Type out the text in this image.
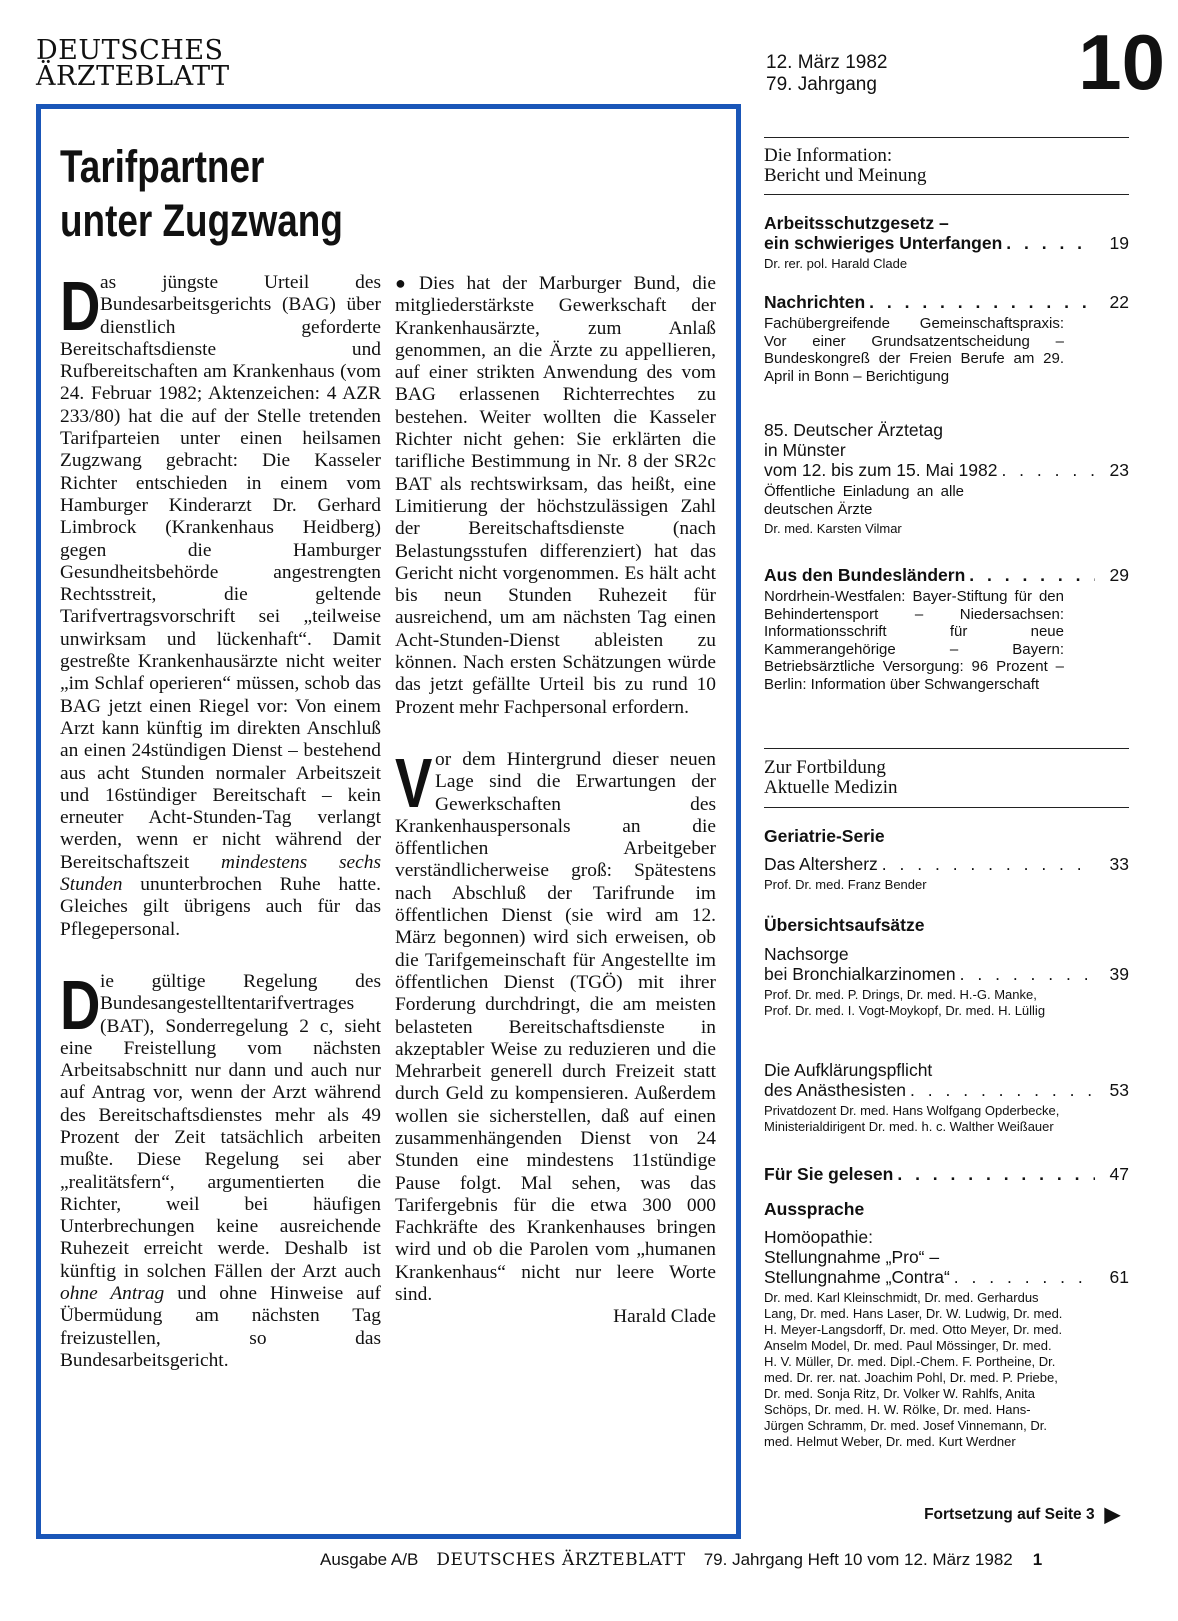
DEUTSCHES
ÄRZTEBLATT	12. März 1982
79. Jahrgang	10
Tarifpartner
unter Zugzwang

Das jüngste Urteil des Bundesarbeitsgerichts (BAG) über dienstlich geforderte Bereitschaftsdienste und Rufbereitschaften am Krankenhaus (vom 24. Februar 1982; Aktenzeichen: 4 AZR 233/80) hat die auf der Stelle tretenden Tarifparteien unter einen heilsamen Zugzwang gebracht: Die Kasseler Richter entschieden in einem vom Hamburger Kinderarzt Dr. Gerhard Limbrock (Krankenhaus Heidberg) gegen die Hamburger Gesundheitsbehörde angestrengten Rechtsstreit, die geltende Tarifvertragsvorschrift sei „teilweise unwirksam und lückenhaft“. Damit gestreßte Krankenhausärzte nicht weiter „im Schlaf operieren“ müssen, schob das BAG jetzt einen Riegel vor: Von einem Arzt kann künftig im direkten Anschluß an einen 24stündigen Dienst – bestehend aus acht Stunden normaler Arbeitszeit und 16stündiger Bereitschaft – kein erneuter Acht-Stunden-Tag verlangt werden, wenn er nicht während der Bereitschaftszeit mindestens sechs Stunden ununterbrochen Ruhe hatte. Gleiches gilt übrigens auch für das Pflegepersonal.

Die gültige Regelung des Bundesangestelltentarifvertrages (BAT), Sonderregelung 2 c, sieht eine Freistellung vom nächsten Arbeitsabschnitt nur dann und auch nur auf Antrag vor, wenn der Arzt während des Bereitschaftsdienstes mehr als 49 Prozent der Zeit tatsächlich arbeiten mußte. Diese Regelung sei aber „realitätsfern“, argumentierten die Richter, weil bei häufigen Unterbrechungen keine ausreichende Ruhezeit erreicht werde. Deshalb ist künftig in solchen Fällen der Arzt auch ohne Antrag und ohne Hinweise auf Übermüdung am nächsten Tag freizustellen, so das Bundesarbeitsgericht.

● Dies hat der Marburger Bund, die mitgliederstärkste Gewerkschaft der Krankenhausärzte, zum Anlaß genommen, an die Ärzte zu appellieren, auf einer strikten Anwendung des vom BAG erlassenen Richterrechtes zu bestehen. Weiter wollten die Kasseler Richter nicht gehen: Sie erklärten die tarifliche Bestimmung in Nr. 8 der SR2c BAT als rechtswirksam, das heißt, eine Limitierung der höchstzulässigen Zahl der Bereitschaftsdienste (nach Belastungsstufen differenziert) hat das Gericht nicht vorgenommen. Es hält acht bis neun Stunden Ruhezeit für ausreichend, um am nächsten Tag einen Acht-Stunden-Dienst ableisten zu können. Nach ersten Schätzungen würde das jetzt gefällte Urteil bis zu rund 10 Prozent mehr Fachpersonal erfordern.

Vor dem Hintergrund dieser neuen Lage sind die Erwartungen der Gewerkschaften des Krankenhauspersonals an die öffentlichen Arbeitgeber verständlicherweise groß: Spätestens nach Abschluß der Tarifrunde im öffentlichen Dienst (sie wird am 12. März begonnen) wird sich erweisen, ob die Tarifgemeinschaft für Angestellte im öffentlichen Dienst (TGÖ) mit ihrer Forderung durchdringt, die am meisten belasteten Bereitschaftsdienste in akzeptabler Weise zu reduzieren und die Mehrarbeit generell durch Freizeit statt durch Geld zu kompensieren. Außerdem wollen sie sicherstellen, daß auf einen zusammenhängenden Dienst von 24 Stunden eine mindestens 11stündige Pause folgt. Mal sehen, was das Tarifergebnis für die etwa 300 000 Fachkräfte des Krankenhauses bringen wird und ob die Parolen vom „humanen Krankenhaus“ nicht nur leere Worte sind.

Harald Clade

Die Information:
Bericht und Meinung
Arbeitsschutzgesetz –
ein schwieriges Unterfangen . . .	19
Dr. rer. pol. Harald Clade
Nachrichten . . .	22
Fachübergreifende Gemeinschaftspraxis: Vor einer Grundsatzentscheidung – Bundeskongreß der Freien Berufe am 29. April in Bonn – Berichtigung
85. Deutscher Ärztetag
in Münster
vom 12. bis zum 15. Mai 1982 . . .	23
Öffentliche Einladung an alle deutschen Ärzte
Dr. med. Karsten Vilmar
Aus den Bundesländern . . .	29
Nordrhein-Westfalen: Bayer-Stiftung für den Behindertensport – Niedersachsen: Informationsschrift für neue Kammerangehörige – Bayern: Betriebsärztliche Versorgung: 96 Prozent – Berlin: Information über Schwangerschaft
Zur Fortbildung
Aktuelle Medizin
Geriatrie-Serie
Das Altersherz . . .	33
Prof. Dr. med. Franz Bender
Übersichtsaufsätze
Nachsorge
bei Bronchialkarzinomen . . .	39
Prof. Dr. med. P. Drings, Dr. med. H.-G. Manke, Prof. Dr. med. I. Vogt-Moykopf, Dr. med. H. Lüllig
Die Aufklärungspflicht
des Anästhesisten . . .	53
Privatdozent Dr. med. Hans Wolfgang Opderbecke, Ministerialdirigent Dr. med. h. c. Walther Weißauer
Für Sie gelesen . . .	47
Aussprache
Homöopathie:
Stellungnahme „Pro“ –
Stellungnahme „Contra“ . . .	61
Dr. med. Karl Kleinschmidt, Dr. med. Gerhardus Lang, Dr. med. Hans Laser, Dr. W. Ludwig, Dr. med. H. Meyer-Langsdorff, Dr. med. Otto Meyer, Dr. med. Anselm Model, Dr. med. Paul Mössinger, Dr. med. H. V. Müller, Dr. med. Dipl.-Chem. F. Portheine, Dr. med. Dr. rer. nat. Joachim Pohl, Dr. med. P. Priebe, Dr. med. Sonja Ritz, Dr. Volker W. Rahlfs, Anita Schöps, Dr. med. H. W. Rölke, Dr. med. Hans-Jürgen Schramm, Dr. med. Josef Vinnemann, Dr. med. Helmut Weber, Dr. med. Kurt Werdner
Fortsetzung auf Seite 3 ▶
Ausgabe A/B DEUTSCHES ÄRZTEBLATT 79. Jahrgang Heft 10 vom 12. März 1982 1
